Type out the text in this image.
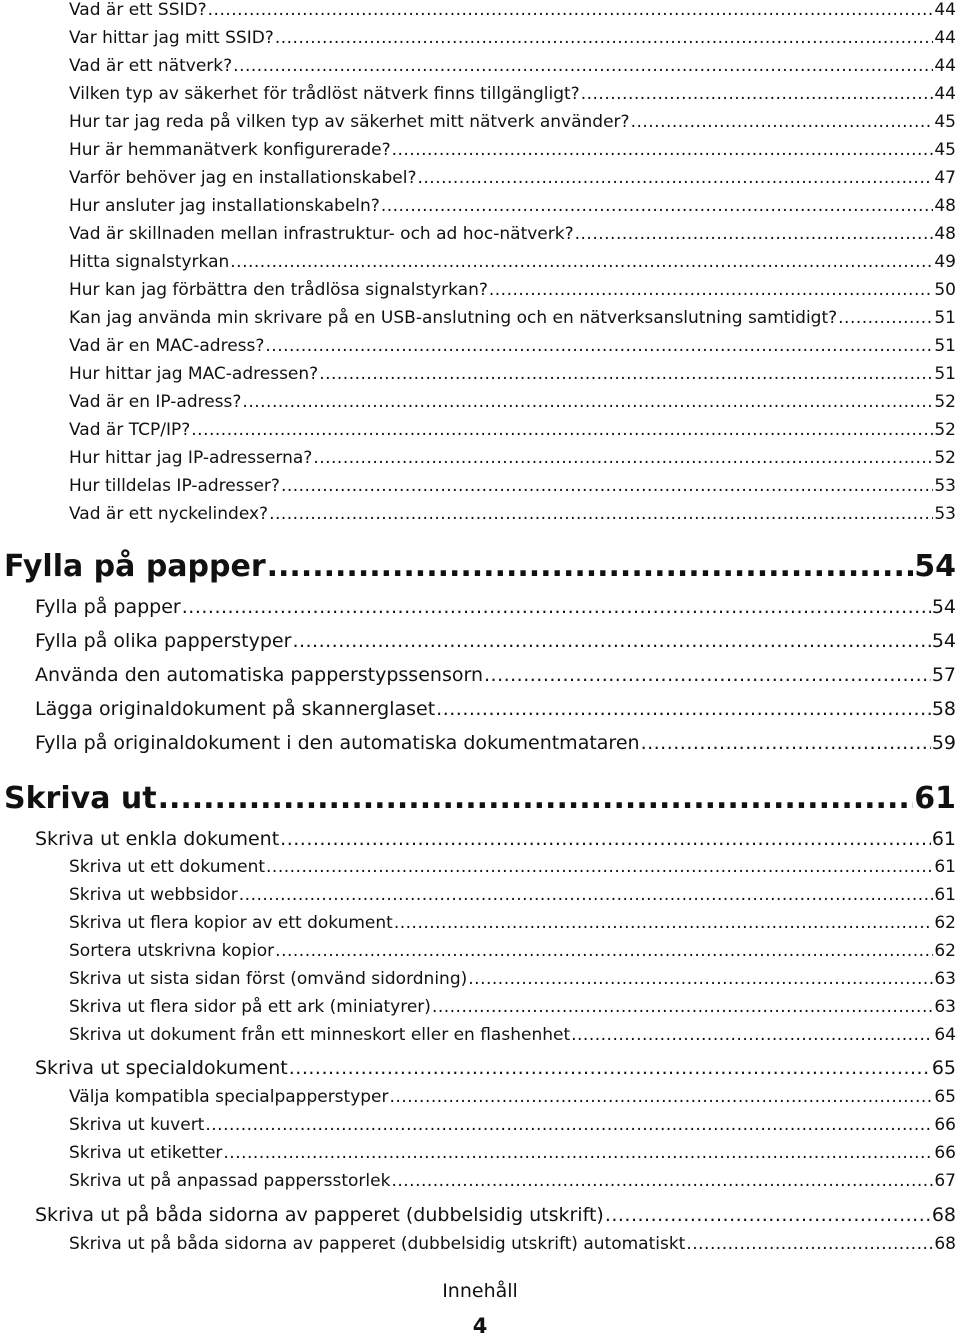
Vad är ett SSID? .....	44
Var hittar jag mitt SSID? .....	44
Vad är ett nätverk? .....	44
Vilken typ av säkerhet för trådlöst nätverk finns tillgängligt? .....	44
Hur tar jag reda på vilken typ av säkerhet mitt nätverk använder? .....	45
Hur är hemmanätverk konfigurerade? .....	45
Varför behöver jag en installationskabel? .....	47
Hur ansluter jag installationskabeln? .....	48
Vad är skillnaden mellan infrastruktur- och ad hoc-nätverk? .....	48
Hitta signalstyrkan .....	49
Hur kan jag förbättra den trådlösa signalstyrkan? .....	50
Kan jag använda min skrivare på en USB-anslutning och en nätverksanslutning samtidigt? .....	51
Vad är en MAC-adress? .....	51
Hur hittar jag MAC-adressen? .....	51
Vad är en IP-adress? .....	52
Vad är TCP/IP? .....	52
Hur hittar jag IP-adresserna? .....	52
Hur tilldelas IP-adresser? .....	53
Vad är ett nyckelindex? .....	53
Fylla på papper .....	54
Fylla på papper .....	54
Fylla på olika papperstyper .....	54
Använda den automatiska papperstypssensorn .....	57
Lägga originaldokument på skannerglaset .....	58
Fylla på originaldokument i den automatiska dokumentmataren .....	59
Skriva ut .....	61
Skriva ut enkla dokument .....	61
Skriva ut ett dokument .....	61
Skriva ut webbsidor .....	61
Skriva ut flera kopior av ett dokument .....	62
Sortera utskrivna kopior .....	62
Skriva ut sista sidan först (omvänd sidordning) .....	63
Skriva ut flera sidor på ett ark (miniatyrer) .....	63
Skriva ut dokument från ett minneskort eller en flashenhet .....	64
Skriva ut specialdokument .....	65
Välja kompatibla specialpapperstyper .....	65
Skriva ut kuvert .....	66
Skriva ut etiketter .....	66
Skriva ut på anpassad pappersstorlek .....	67
Skriva ut på båda sidorna av papperet (dubbelsidig utskrift) .....	68
Skriva ut på båda sidorna av papperet (dubbelsidig utskrift) automatiskt .....	68
Innehåll
4
